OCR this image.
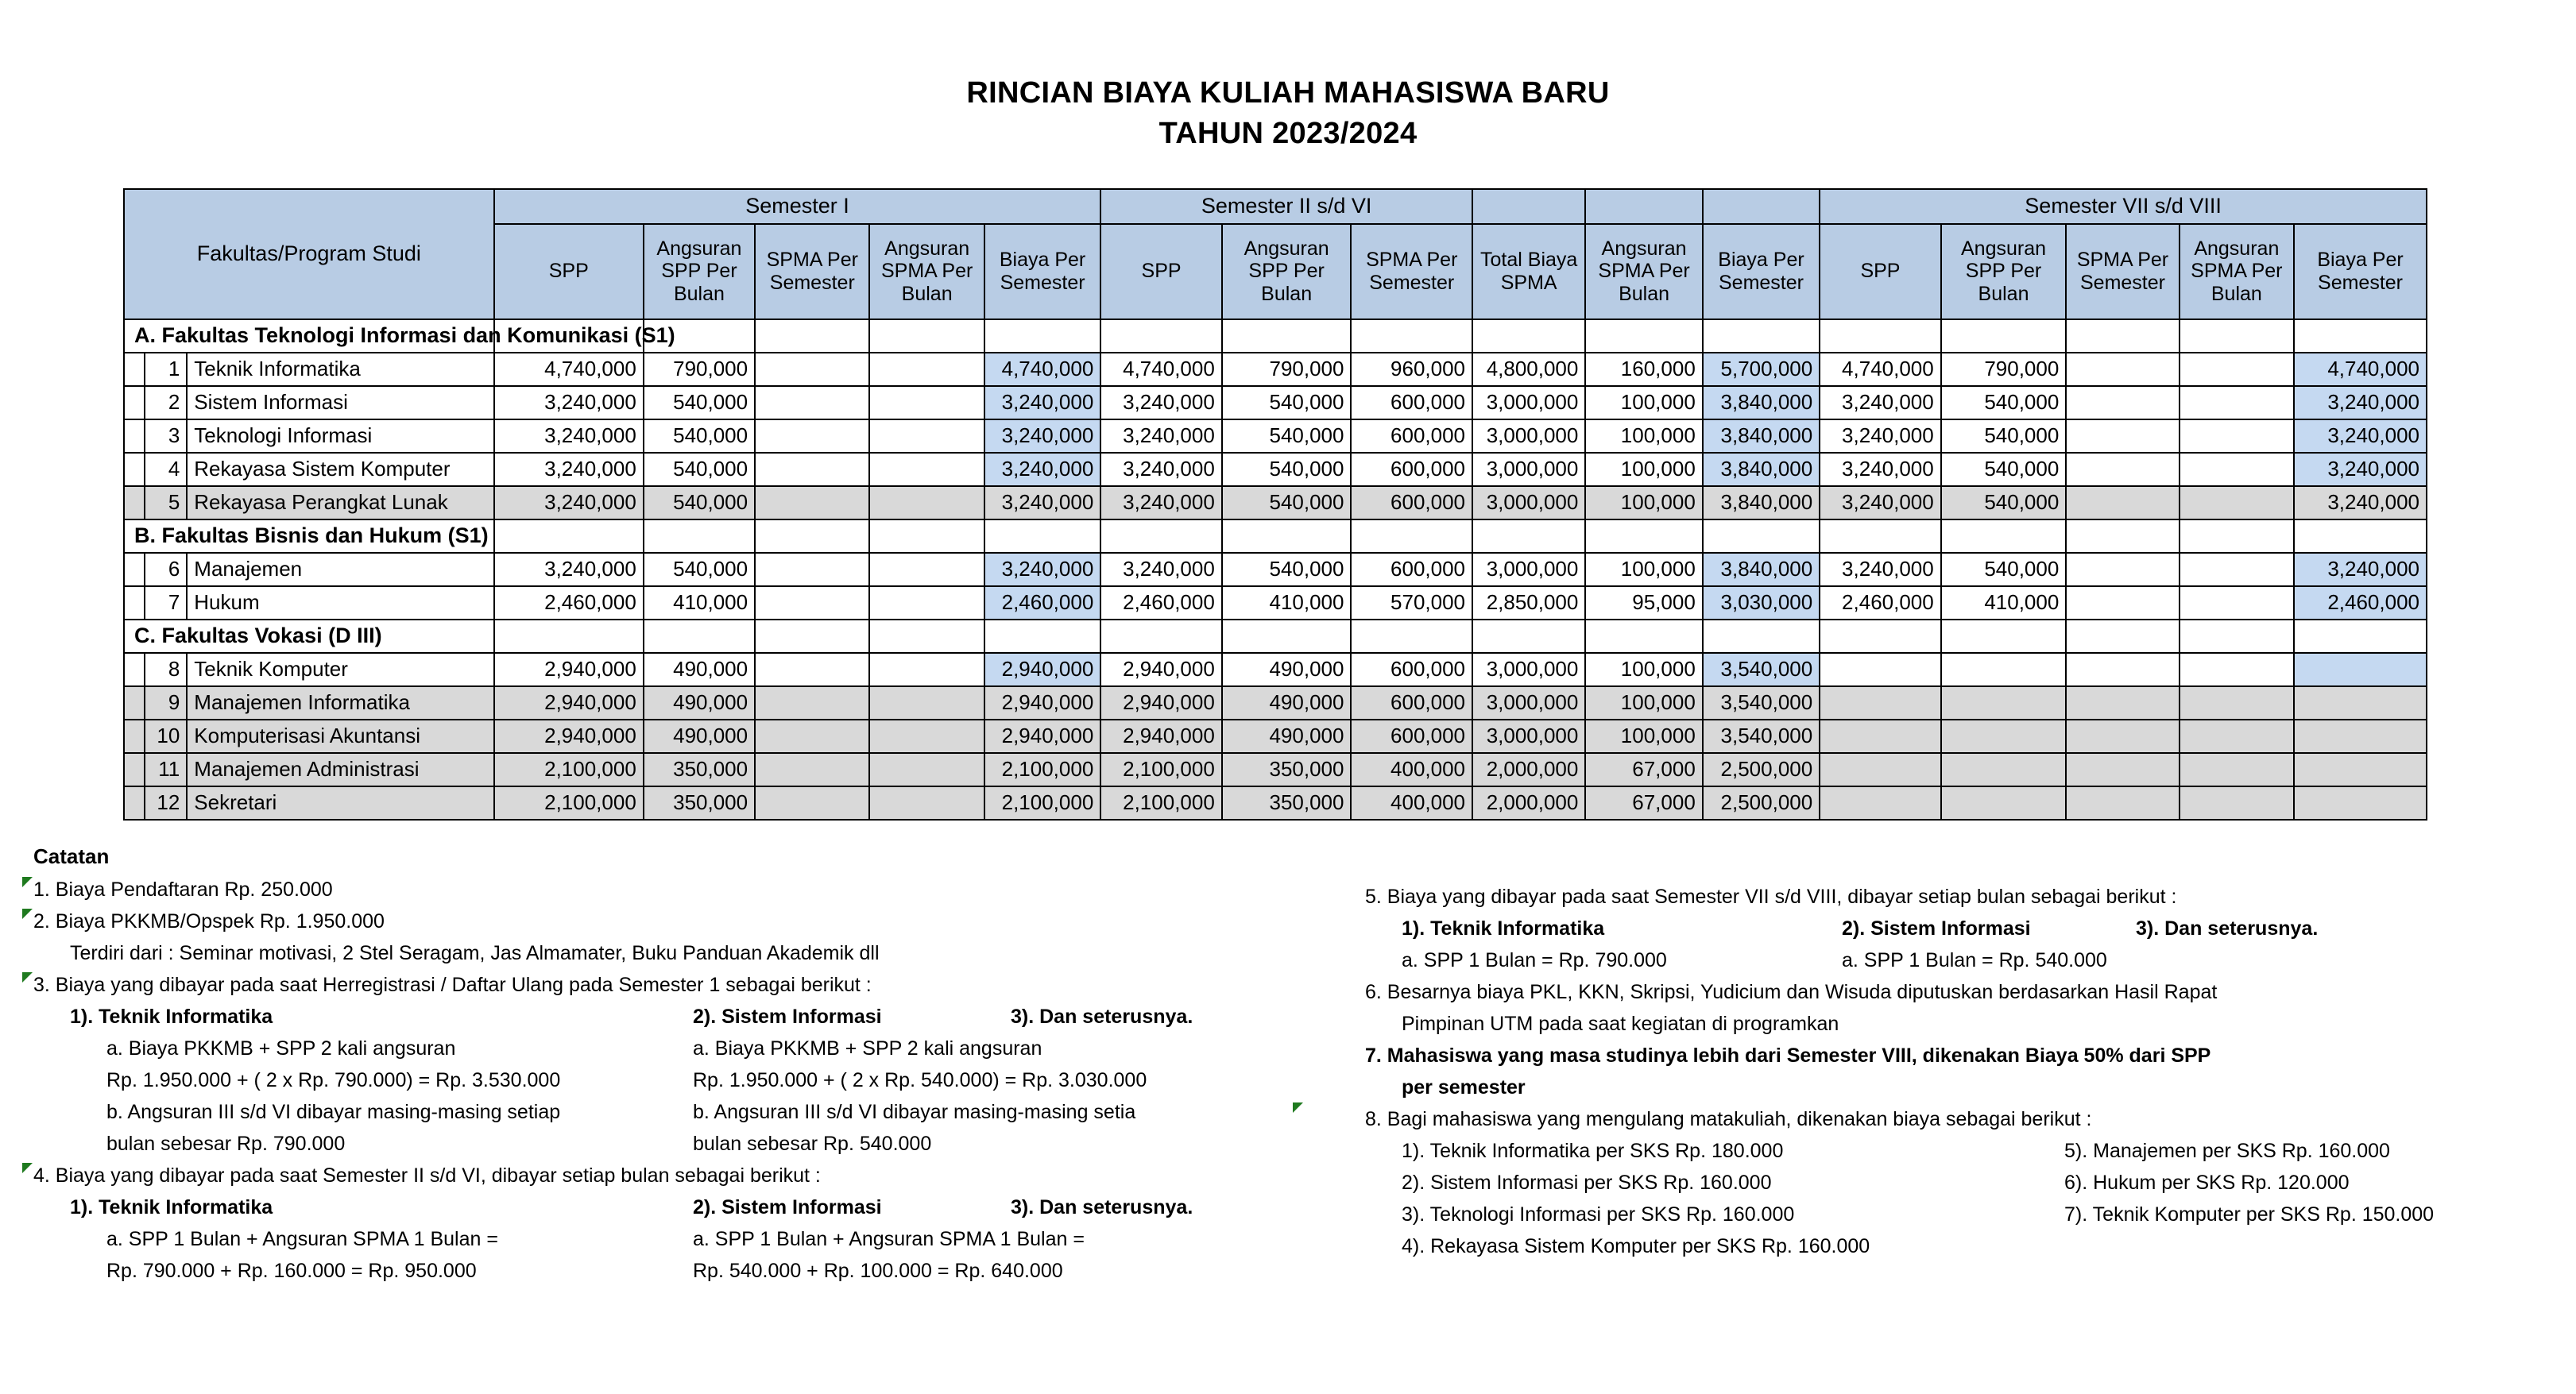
RINCIAN BIAYA KULIAH MAHASISWA BARU
TAHUN 2023/2024
Fakultas/Program Studi			Semester I					Semester II s/d VI						Semester VII s/d VIII				
			SPP	Angsuran SPP Per Bulan	SPMA Per Semester	Angsuran SPMA Per Bulan	Biaya Per Semester	SPP	Angsuran SPP Per Bulan	SPMA Per Semester	Total Biaya SPMA	Angsuran SPMA Per Bulan	Biaya Per Semester	SPP	Angsuran SPP Per Bulan	SPMA Per Semester	Angsuran SPMA Per Bulan	Biaya Per Semester
A. Fakultas Teknologi Informasi dan Komunikasi (S1)																		
	1	Teknik Informatika	4,740,000	790,000			4,740,000	4,740,000	790,000	960,000	4,800,000	160,000	5,700,000	4,740,000	790,000			4,740,000
	2	Sistem Informasi	3,240,000	540,000			3,240,000	3,240,000	540,000	600,000	3,000,000	100,000	3,840,000	3,240,000	540,000			3,240,000
	3	Teknologi Informasi	3,240,000	540,000			3,240,000	3,240,000	540,000	600,000	3,000,000	100,000	3,840,000	3,240,000	540,000			3,240,000
	4	Rekayasa Sistem Komputer	3,240,000	540,000			3,240,000	3,240,000	540,000	600,000	3,000,000	100,000	3,840,000	3,240,000	540,000			3,240,000
	5	Rekayasa Perangkat Lunak	3,240,000	540,000			3,240,000	3,240,000	540,000	600,000	3,000,000	100,000	3,840,000	3,240,000	540,000			3,240,000
B. Fakultas Bisnis dan Hukum (S1)																		
	6	Manajemen	3,240,000	540,000			3,240,000	3,240,000	540,000	600,000	3,000,000	100,000	3,840,000	3,240,000	540,000			3,240,000
	7	Hukum	2,460,000	410,000			2,460,000	2,460,000	410,000	570,000	2,850,000	95,000	3,030,000	2,460,000	410,000			2,460,000
C. Fakultas Vokasi (D III)																		
	8	Teknik Komputer	2,940,000	490,000			2,940,000	2,940,000	490,000	600,000	3,000,000	100,000	3,540,000					
	9	Manajemen Informatika	2,940,000	490,000			2,940,000	2,940,000	490,000	600,000	3,000,000	100,000	3,540,000					
	10	Komputerisasi Akuntansi	2,940,000	490,000			2,940,000	2,940,000	490,000	600,000	3,000,000	100,000	3,540,000					
	11	Manajemen Administrasi	2,100,000	350,000			2,100,000	2,100,000	350,000	400,000	2,000,000	67,000	2,500,000					
	12	Sekretari	2,100,000	350,000			2,100,000	2,100,000	350,000	400,000	2,000,000	67,000	2,500,000					
Catatan
1. Biaya Pendaftaran Rp. 250.000
2. Biaya PKKMB/Opspek Rp. 1.950.000
Terdiri dari : Seminar motivasi, 2 Stel Seragam, Jas Almamater, Buku Panduan Akademik dll
3. Biaya yang dibayar pada saat Herregistrasi / Daftar Ulang pada Semester 1 sebagai berikut :
1). Teknik Informatika	2). Sistem Informasi	3). Dan seterusnya.
a. Biaya PKKMB + SPP 2 kali angsuran	a. Biaya PKKMB + SPP 2 kali angsuran
Rp. 1.950.000 + ( 2 x Rp. 790.000) = Rp. 3.530.000	Rp. 1.950.000 + ( 2 x Rp. 540.000) = Rp. 3.030.000
b. Angsuran III s/d VI dibayar masing-masing setiap	b. Angsuran III s/d VI dibayar masing-masing setia
bulan sebesar Rp. 790.000	bulan sebesar Rp. 540.000
4. Biaya yang dibayar pada saat Semester II s/d VI, dibayar setiap bulan sebagai berikut :
1). Teknik Informatika	2). Sistem Informasi	3). Dan seterusnya.
a. SPP 1 Bulan + Angsuran SPMA 1 Bulan =	a. SPP 1 Bulan + Angsuran SPMA 1 Bulan =
Rp. 790.000 + Rp. 160.000 = Rp. 950.000	Rp. 540.000 + Rp. 100.000 = Rp. 640.000
5. Biaya yang dibayar pada saat Semester VII s/d VIII, dibayar setiap bulan sebagai berikut :
1). Teknik Informatika	2). Sistem Informasi	3). Dan seterusnya.
a. SPP 1 Bulan = Rp. 790.000	a. SPP 1 Bulan = Rp. 540.000
6. Besarnya biaya PKL, KKN, Skripsi, Yudicium dan Wisuda diputuskan berdasarkan Hasil Rapat
Pimpinan UTM pada saat kegiatan di programkan
7. Mahasiswa yang masa studinya lebih dari Semester VIII, dikenakan Biaya 50% dari SPP
per semester
8. Bagi mahasiswa yang mengulang matakuliah, dikenakan biaya sebagai berikut :
1). Teknik Informatika per SKS Rp. 180.000	5). Manajemen per SKS Rp. 160.000
2). Sistem Informasi per SKS Rp. 160.000	6). Hukum per SKS Rp. 120.000
3). Teknologi Informasi per SKS Rp. 160.000	7). Teknik Komputer per SKS Rp. 150.000
4). Rekayasa Sistem Komputer per SKS Rp. 160.000
